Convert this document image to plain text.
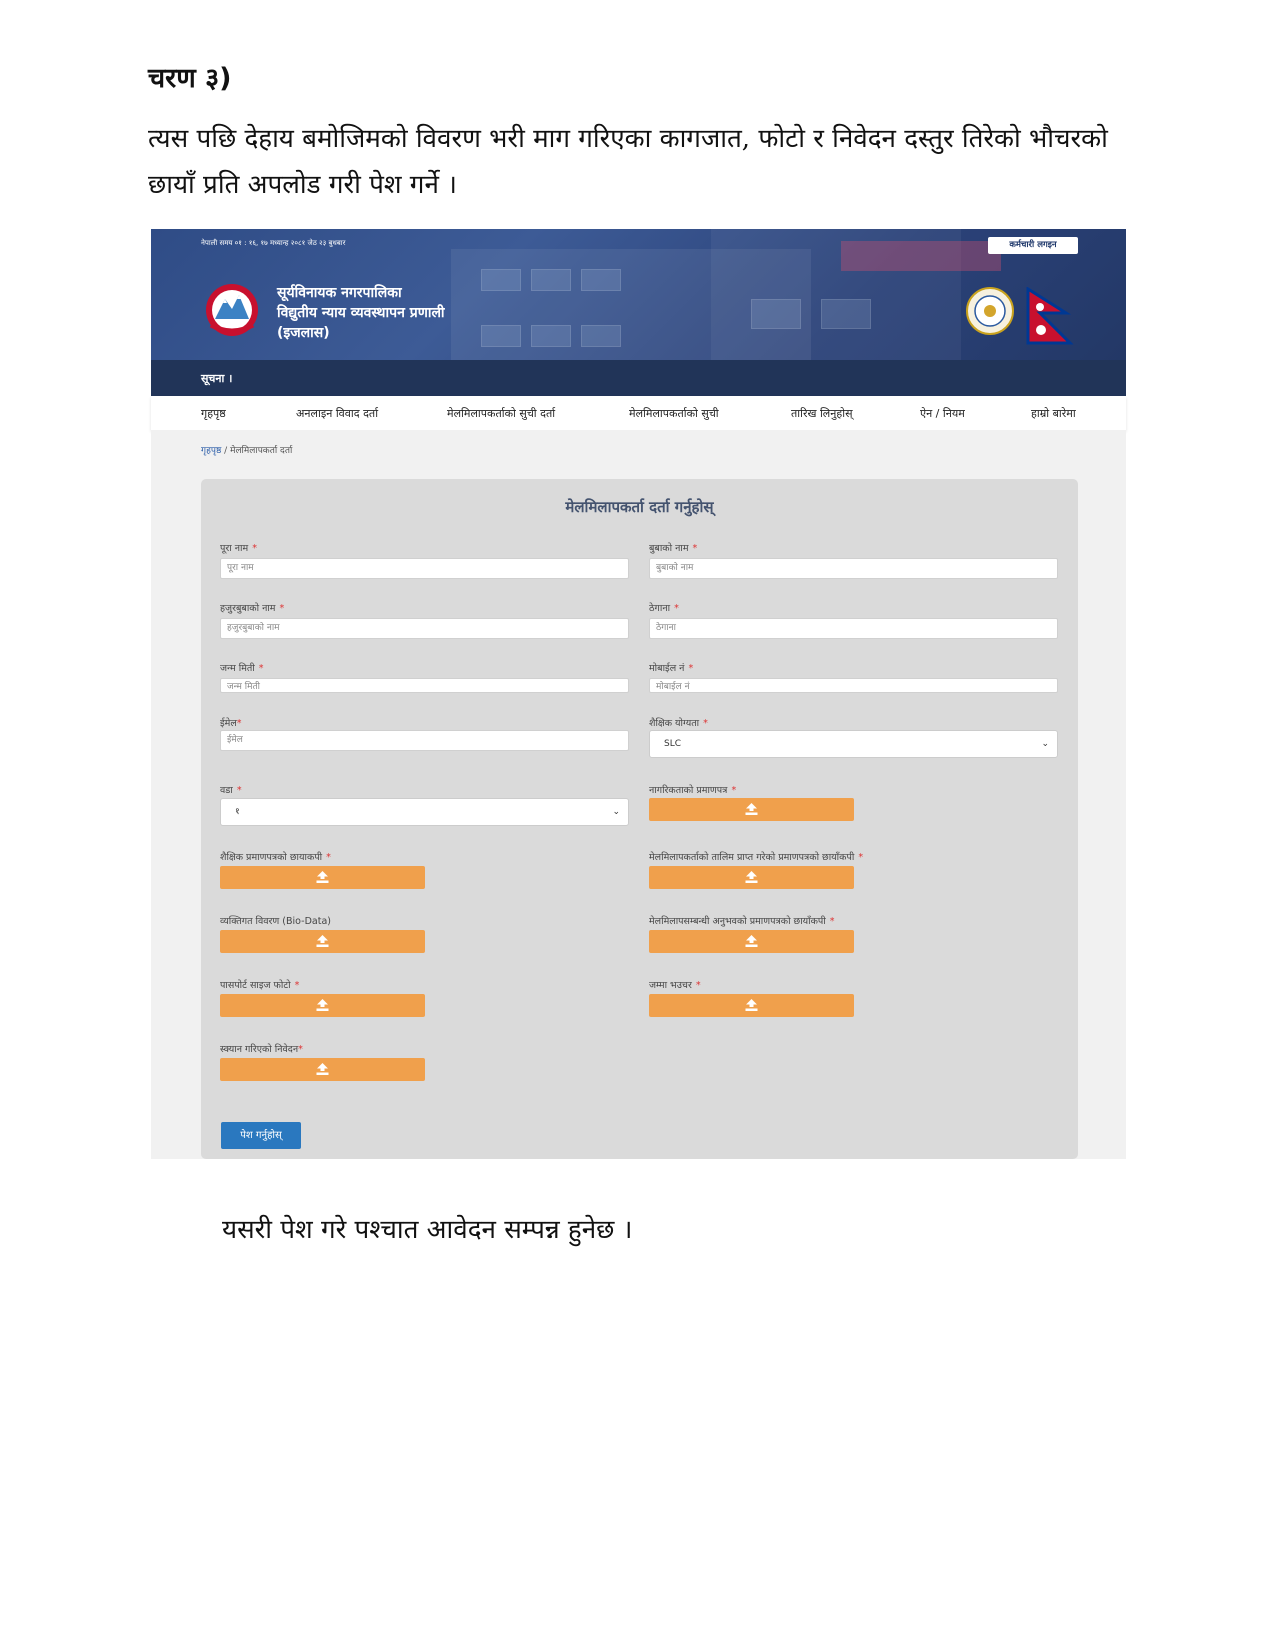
चरण ३)
त्यस पछि देहाय बमोजिमको विवरण भरी माग गरिएका कागजात, फोटो र निवेदन दस्तुर तिरेको भौचरको छायाँ प्रति अपलोड गरी पेश गर्ने ।
नेपाली समय ०१ : १६, १७ मध्यान्ह २०८१ जेठ २३ बुधबार	कर्मचारी लगइन
सूर्यविनायक नगरपालिका
विद्युतीय न्याय व्यवस्थापन प्रणाली
(इजलास)
सूचना ।
गृहपृष्ठ	अनलाइन विवाद दर्ता	मेलमिलापकर्ताको सुची दर्ता	मेलमिलापकर्ताको सुची	तारिख लिनुहोस्	ऐन / नियम	हाम्रो बारेमा
गृहपृष्ठ / मेलमिलापकर्ता दर्ता
मेलमिलापकर्ता दर्ता गर्नुहोस्
पूरा नाम *
पूरा नाम
बुबाको नाम *
बुबाको नाम
हजुरबुबाको नाम *
हजुरबुबाको नाम
ठेगाना *
ठेगाना
जन्म मिती *
जन्म मिती
मोबाईल नं *
मोबाईल नं
ईमेल*
ईमेल
शैक्षिक योग्यता *
SLC	⌄
वडा *
१	⌄
नागरिकताको प्रमाणपत्र *
शैक्षिक प्रमाणपत्रको छायाकपी *	मेलमिलापकर्ताको तालिम प्राप्त गरेको प्रमाणपत्रको छायाँकपी *
व्यक्तिगत विवरण (Bio-Data)	मेलमिलापसम्बन्धी अनुभवको प्रमाणपत्रको छायाँकपी *
पासपोर्ट साइज फोटो *	जम्मा भउचर *
स्क्यान गरिएको निवेदन*
पेश गर्नुहोस्
यसरी पेश गरे पश्चात आवेदन सम्पन्न हुनेछ ।
